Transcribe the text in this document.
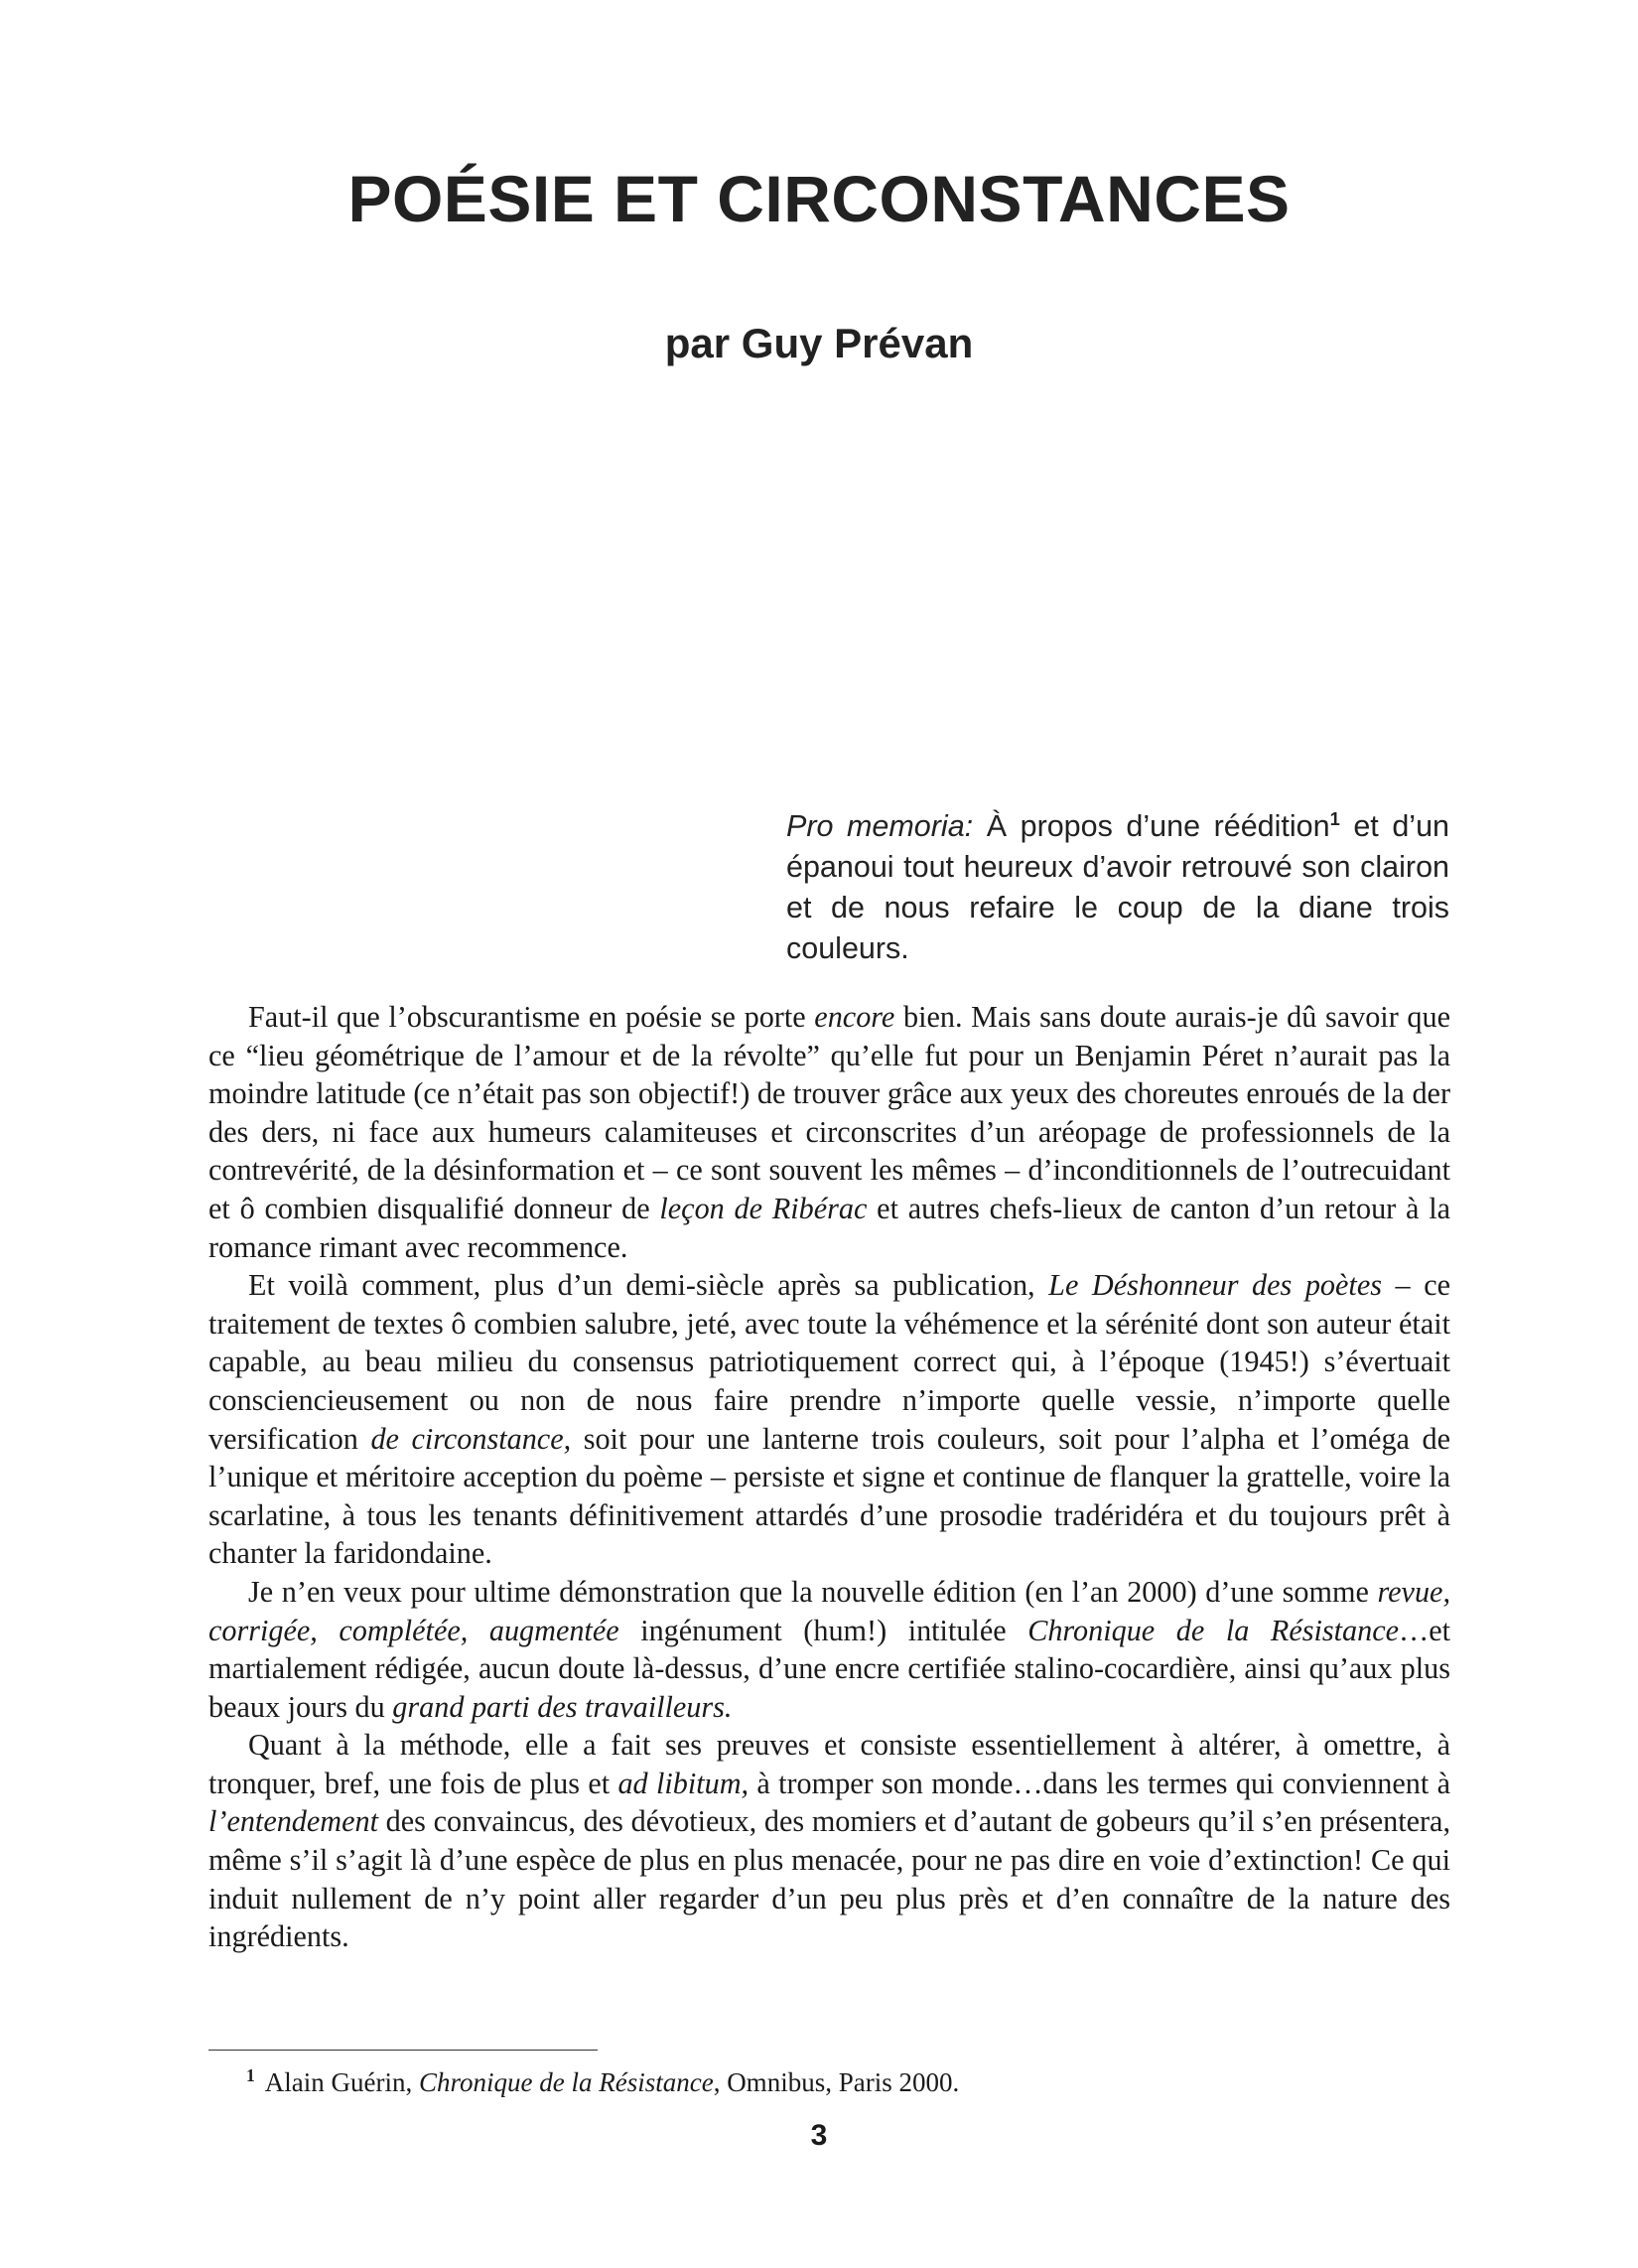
POÉSIE ET CIRCONSTANCES
par Guy Prévan
Pro memoria: À propos d’une réédition$^1$ et d’un épanoui tout heureux d’avoir retrouvé son clairon et de nous refaire le coup de la diane trois couleurs.

Faut-il que l’obscurantisme en poésie se porte encore bien. Mais sans doute aurais-je dû savoir que ce “lieu géométrique de l’amour et de la révolte” qu’elle fut pour un Benjamin Péret n’aurait pas la moindre latitude (ce n’était pas son objectif!) de trouver grâce aux yeux des choreutes enroués de la der des ders, ni face aux humeurs calamiteuses et circonscrites d’un aréopage de professionnels de la contrevérité, de la désinformation et – ce sont souvent les mêmes – d’inconditionnels de l’outrecuidant et ô combien disqualifié donneur de leçon de Ribérac et autres chefs-lieux de canton d’un retour à la romance rimant avec recommence.

Et voilà comment, plus d’un demi-siècle après sa publication, Le Déshonneur des poètes – ce traitement de textes ô combien salubre, jeté, avec toute la véhémence et la sérénité dont son auteur était capable, au beau milieu du consensus patriotiquement correct qui, à l’époque (1945!) s’évertuait consciencieusement ou non de nous faire prendre n’importe quelle vessie, n’importe quelle versification de circonstance, soit pour une lanterne trois couleurs, soit pour l’alpha et l’oméga de l’unique et méritoire acception du poème – persiste et signe et continue de flanquer la grattelle, voire la scarlatine, à tous les tenants définitivement attardés d’une prosodie tradéridéra et du toujours prêt à chanter la faridondaine.

Je n’en veux pour ultime démonstration que la nouvelle édition (en l’an 2000) d’une somme revue, corrigée, complétée, augmentée ingénument (hum!) intitulée Chronique de la Résistance…et martialement rédigée, aucun doute là-dessus, d’une encre certifiée stalino-cocardière, ainsi qu’aux plus beaux jours du grand parti des travailleurs.

Quant à la méthode, elle a fait ses preuves et consiste essentiellement à altérer, à omettre, à tronquer, bref, une fois de plus et ad libitum, à tromper son monde…dans les termes qui conviennent à l’entendement des convaincus, des dévotieux, des momiers et d’autant de gobeurs qu’il s’en présentera, même s’il s’agit là d’une espèce de plus en plus menacée, pour ne pas dire en voie d’extinction! Ce qui induit nullement de n’y point aller regarder d’un peu plus près et d’en connaître de la nature des ingrédients.

$^1$ Alain Guérin, Chronique de la Résistance, Omnibus, Paris 2000.
3
